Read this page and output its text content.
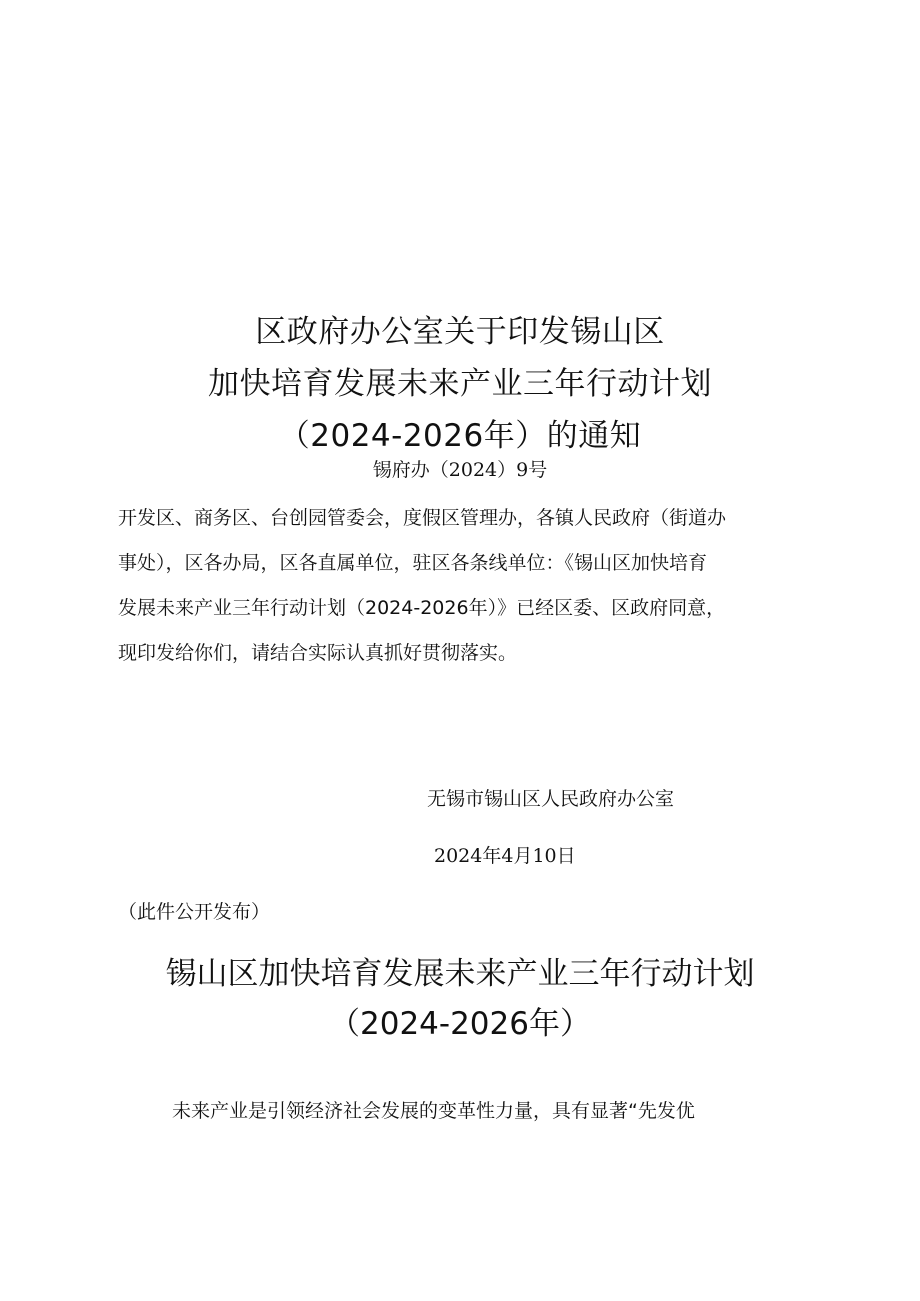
区政府办公室关于印发锡山区
加快培育发展未来产业三年行动计划
（2024-2026年）的通知
锡府办（2024）9号
开发区、商务区、台创园管委会，度假区管理办，各镇人民政府（街道办
事处），区各办局，区各直属单位，驻区各条线单位：《锡山区加快培育
发展未来产业三年行动计划（2024-2026年）》已经区委、区政府同意，
现印发给你们，请结合实际认真抓好贯彻落实。
无锡市锡山区人民政府办公室
2024年4月10日
（此件公开发布）
锡山区加快培育发展未来产业三年行动计划
（2024-2026年）
未来产业是引领经济社会发展的变革性力量，具有显著“先发优
